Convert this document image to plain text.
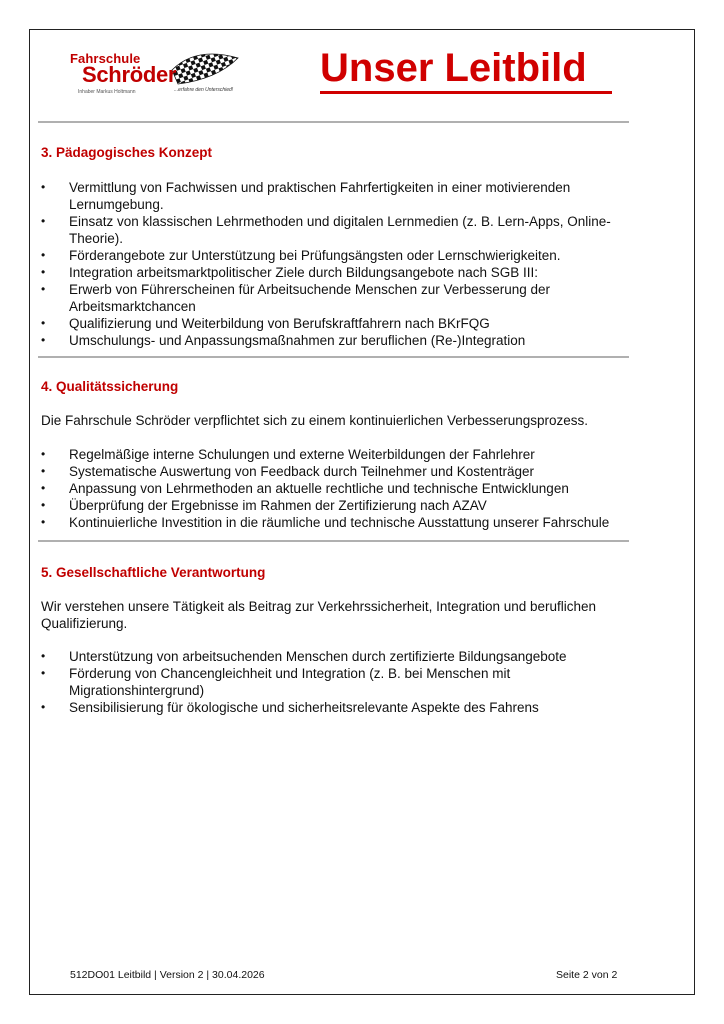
Fahrschule
Schröder
Inhaber Markus Holtmann	...erfahre den Unterschied! Unser Leitbild
3. Pädagogisches Konzept
• Vermittlung von Fachwissen und praktischen Fahrfertigkeiten in einer motivierenden Lernumgebung.
• Einsatz von klassischen Lehrmethoden und digitalen Lernmedien (z. B. Lern-Apps, Online-Theorie).
• Förderangebote zur Unterstützung bei Prüfungsängsten oder Lernschwierigkeiten.
• Integration arbeitsmarktpolitischer Ziele durch Bildungsangebote nach SGB III:
• Erwerb von Führerscheinen für Arbeitsuchende Menschen zur Verbesserung der Arbeitsmarktchancen
• Qualifizierung und Weiterbildung von Berufskraftfahrern nach BKrFQG
• Umschulungs- und Anpassungsmaßnahmen zur beruflichen (Re-)Integration
4. Qualitätssicherung

Die Fahrschule Schröder verpflichtet sich zu einem kontinuierlichen Verbesserungsprozess.

• Regelmäßige interne Schulungen und externe Weiterbildungen der Fahrlehrer
• Systematische Auswertung von Feedback durch Teilnehmer und Kostenträger
• Anpassung von Lehrmethoden an aktuelle rechtliche und technische Entwicklungen
• Überprüfung der Ergebnisse im Rahmen der Zertifizierung nach AZAV
• Kontinuierliche Investition in die räumliche und technische Ausstattung unserer Fahrschule
5. Gesellschaftliche Verantwortung

Wir verstehen unsere Tätigkeit als Beitrag zur Verkehrssicherheit, Integration und beruflichen Qualifizierung.

• Unterstützung von arbeitsuchenden Menschen durch zertifizierte Bildungsangebote
• Förderung von Chancengleichheit und Integration (z. B. bei Menschen mit Migrationshintergrund)
• Sensibilisierung für ökologische und sicherheitsrelevante Aspekte des Fahrens
512DO01 Leitbild | Version 2 | 30.04.2026	Seite 2 von 2
